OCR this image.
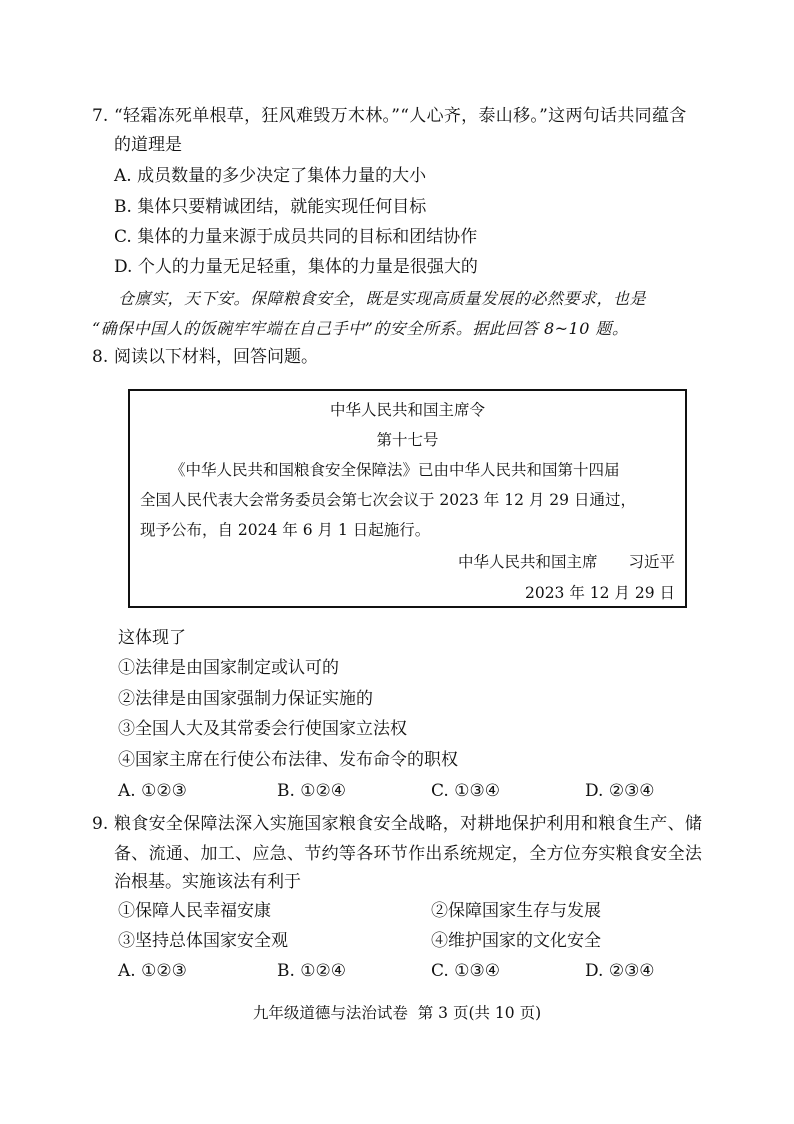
7. “轻霜冻死单根草，狂风难毁万木林。”“人心齐，泰山移。”这两句话共同蕴含
的道理是
A. 成员数量的多少决定了集体力量的大小
B. 集体只要精诚团结，就能实现任何目标
C. 集体的力量来源于成员共同的目标和团结协作
D. 个人的力量无足轻重，集体的力量是很强大的
仓廪实，天下安。保障粮食安全，既是实现高质量发展的必然要求，也是
“确保中国人的饭碗牢牢端在自己手中”的安全所系。据此回答 8~10 题。
8. 阅读以下材料，回答问题。
中华人民共和国主席令
第十七号
《中华人民共和国粮食安全保障法》已由中华人民共和国第十四届
全国人民代表大会常务委员会第七次会议于 2023 年 12 月 29 日通过，
现予公布，自 2024 年 6 月 1 日起施行。
中华人民共和国主席　　习近平
2023 年 12 月 29 日
这体现了
①法律是由国家制定或认可的
②法律是由国家强制力保证实施的
③全国人大及其常委会行使国家立法权
④国家主席在行使公布法律、发布命令的职权
A. ①②③	B. ①②④	C. ①③④	D. ②③④
9. 粮食安全保障法深入实施国家粮食安全战略，对耕地保护利用和粮食生产、储
备、流通、加工、应急、节约等各环节作出系统规定，全方位夯实粮食安全法
治根基。实施该法有利于
①保障人民幸福安康	②保障国家生存与发展
③坚持总体国家安全观	④维护国家的文化安全
A. ①②③	B. ①②④	C. ①③④	D. ②③④
九年级道德与法治试卷  第 3 页(共 10 页)
